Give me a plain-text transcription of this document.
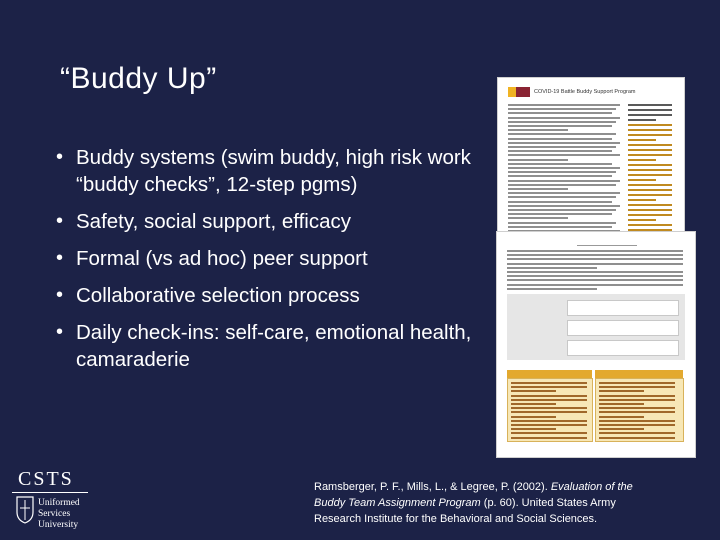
“Buddy Up”
• Buddy systems (swim buddy, high risk work “buddy checks”, 12-step pgms)
• Safety, social support, efficacy
• Formal (vs ad hoc) peer support
• Collaborative selection process
• Daily check-ins: self-care, emotional health, camaraderie
COVID-19 Battle Buddy Support Program
CSTS
Uniformed
Services
University
Ramsberger, P. F., Mills, L., & Legree, P. (2002). Evaluation of the Buddy Team Assignment Program (p. 60). United States Army Research Institute for the Behavioral and Social Sciences.
